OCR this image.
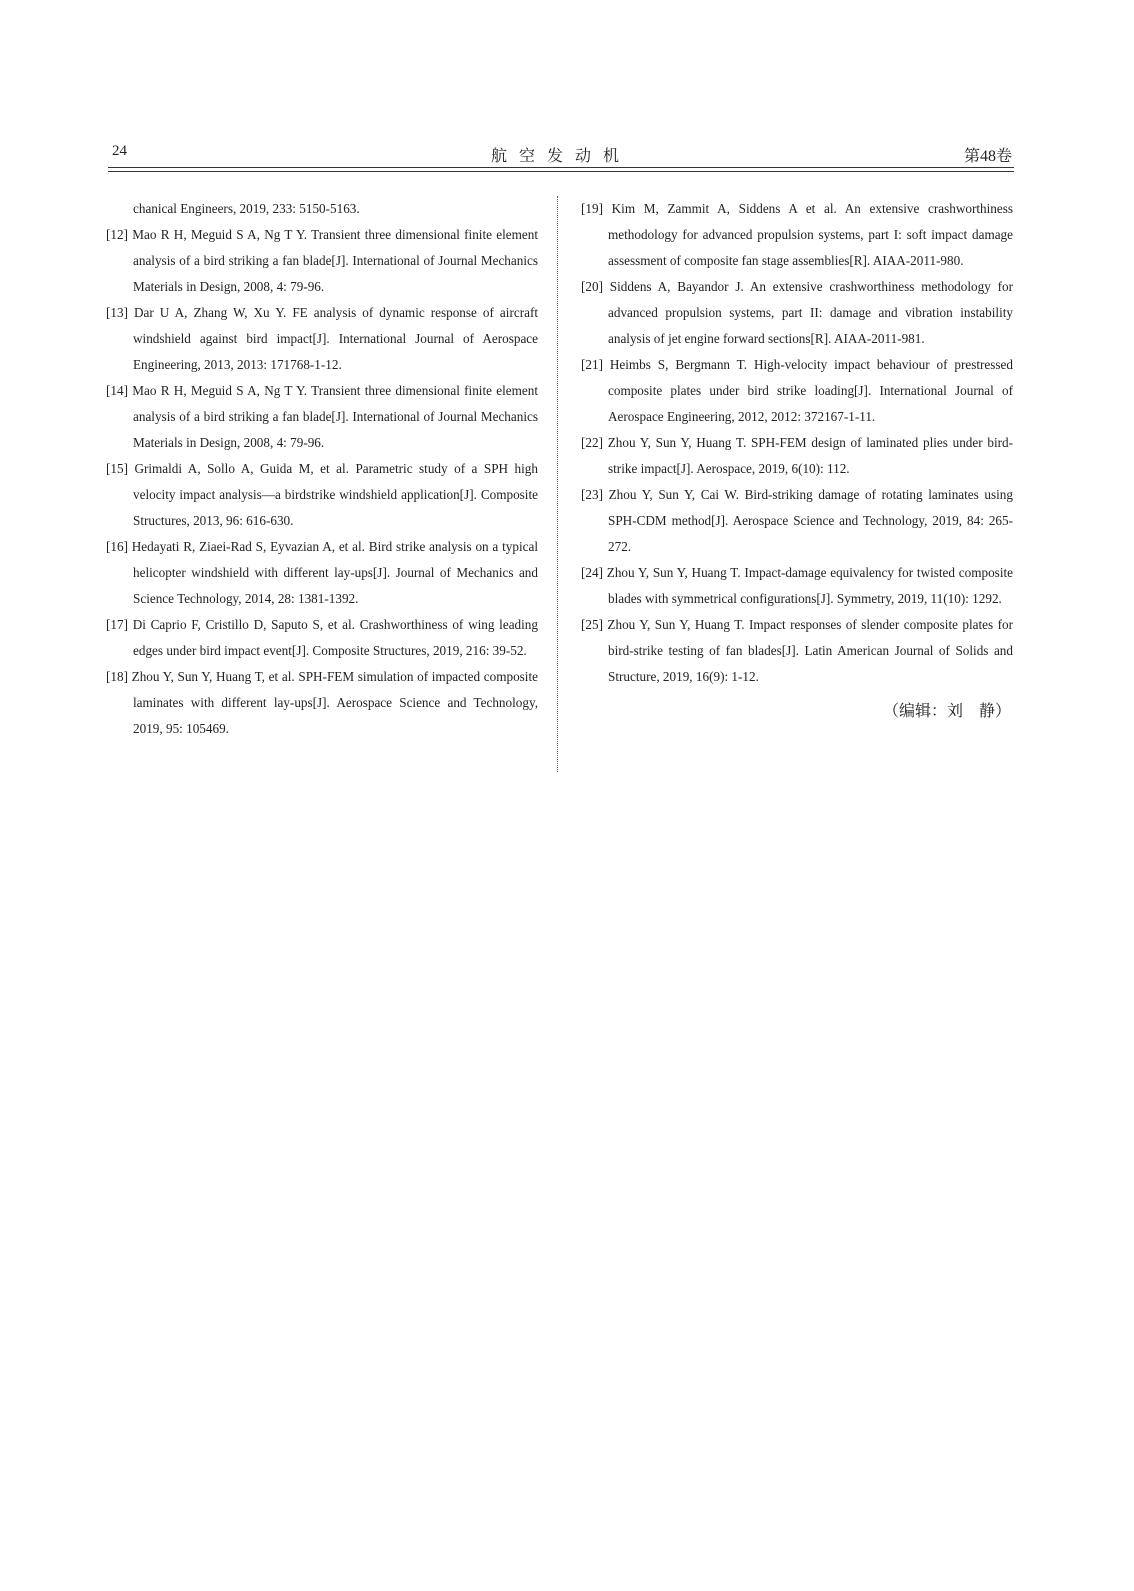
24	航空发动机	第48卷

chanical Engineers, 2019, 233: 5150-5163.

[12] Mao R H, Meguid S A, Ng T Y. Transient three dimensional finite element analysis of a bird striking a fan blade[J]. International of Journal Mechanics Materials in Design, 2008, 4: 79-96.

[13] Dar U A, Zhang W, Xu Y. FE analysis of dynamic response of aircraft windshield against bird impact[J]. International Journal of Aerospace Engineering, 2013, 2013: 171768-1-12.

[14] Mao R H, Meguid S A, Ng T Y. Transient three dimensional finite element analysis of a bird striking a fan blade[J]. International of Journal Mechanics Materials in Design, 2008, 4: 79-96.

[15] Grimaldi A, Sollo A, Guida M, et al. Parametric study of a SPH high velocity impact analysis—a birdstrike windshield application[J]. Composite Structures, 2013, 96: 616-630.

[16] Hedayati R, Ziaei-Rad S, Eyvazian A, et al. Bird strike analysis on a typical helicopter windshield with different lay-ups[J]. Journal of Mechanics and Science Technology, 2014, 28: 1381-1392.

[17] Di Caprio F, Cristillo D, Saputo S, et al. Crashworthiness of wing leading edges under bird impact event[J]. Composite Structures, 2019, 216: 39-52.

[18] Zhou Y, Sun Y, Huang T, et al. SPH-FEM simulation of impacted composite laminates with different lay-ups[J]. Aerospace Science and Technology, 2019, 95: 105469.

[19] Kim M, Zammit A, Siddens A et al. An extensive crashworthiness methodology for advanced propulsion systems, part I: soft impact damage assessment of composite fan stage assemblies[R]. AIAA-2011-980.

[20] Siddens A, Bayandor J. An extensive crashworthiness methodology for advanced propulsion systems, part II: damage and vibration instability analysis of jet engine forward sections[R]. AIAA-2011-981.

[21] Heimbs S, Bergmann T. High-velocity impact behaviour of prestressed composite plates under bird strike loading[J]. International Journal of Aerospace Engineering, 2012, 2012: 372167-1-11.

[22] Zhou Y, Sun Y, Huang T. SPH-FEM design of laminated plies under bird-strike impact[J]. Aerospace, 2019, 6(10): 112.

[23] Zhou Y, Sun Y, Cai W. Bird-striking damage of rotating laminates using SPH-CDM method[J]. Aerospace Science and Technology, 2019, 84: 265-272.

[24] Zhou Y, Sun Y, Huang T. Impact-damage equivalency for twisted composite blades with symmetrical configurations[J]. Symmetry, 2019, 11(10): 1292.

[25] Zhou Y, Sun Y, Huang T. Impact responses of slender composite plates for bird-strike testing of fan blades[J]. Latin American Journal of Solids and Structure, 2019, 16(9): 1-12.

（编辑：刘　静）
